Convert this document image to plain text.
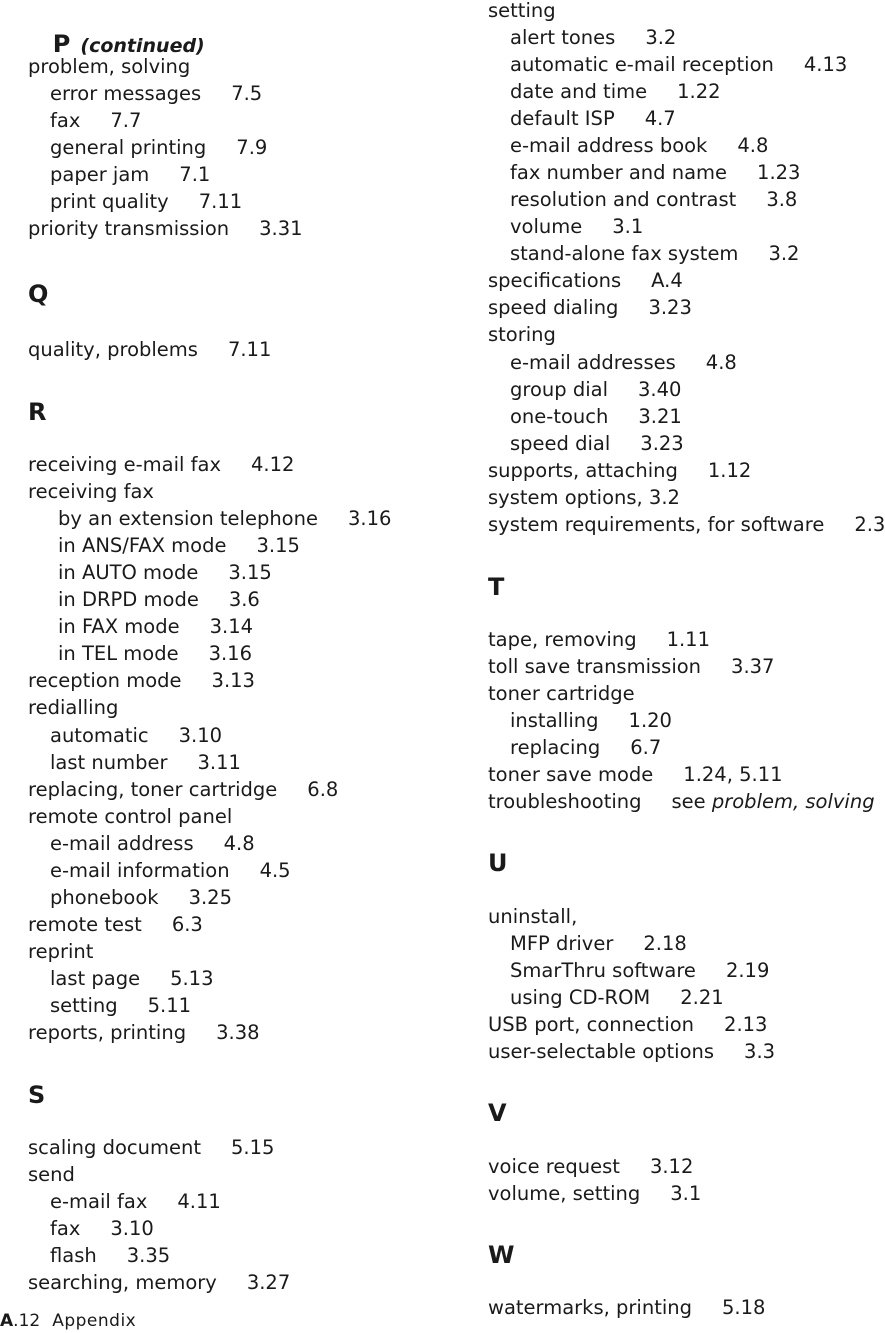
P (continued)

problem, solving
error messages 7.5
fax 7.7
general printing 7.9
paper jam 7.1
print quality 7.11
priority transmission 3.31
Q
quality, problems 7.11
R
receiving e-mail fax 4.12
receiving fax
by an extension telephone 3.16
in ANS/FAX mode 3.15
in AUTO mode 3.15
in DRPD mode 3.6
in FAX mode 3.14
in TEL mode 3.16
reception mode 3.13
redialling
automatic 3.10
last number 3.11
replacing, toner cartridge 6.8
remote control panel
e-mail address 4.8
e-mail information 4.5
phonebook 3.25
remote test 6.3
reprint
last page 5.13
setting 5.11
reports, printing 3.38
S
scaling document 5.15
send
e-mail fax 4.11
fax 3.10
flash 3.35
searching, memory 3.27
setting
alert tones 3.2
automatic e-mail reception 4.13
date and time 1.22
default ISP 4.7
e-mail address book 4.8
fax number and name 1.23
resolution and contrast 3.8
volume 3.1
stand-alone fax system 3.2
specifications A.4
speed dialing 3.23
storing
e-mail addresses 4.8
group dial 3.40
one-touch 3.21
speed dial 3.23
supports, attaching 1.12
system options, 3.2
system requirements, for software 2.3
T
tape, removing 1.11
toll save transmission 3.37
toner cartridge
installing 1.20
replacing 6.7
toner save mode 1.24, 5.11
troubleshooting see problem, solving
U
uninstall,
MFP driver 2.18
SmarThru software 2.19
using CD-ROM 2.21
USB port, connection 2.13
user-selectable options 3.3
V
voice request 3.12
volume, setting 3.1
W
watermarks, printing 5.18
A.12 Appendix
